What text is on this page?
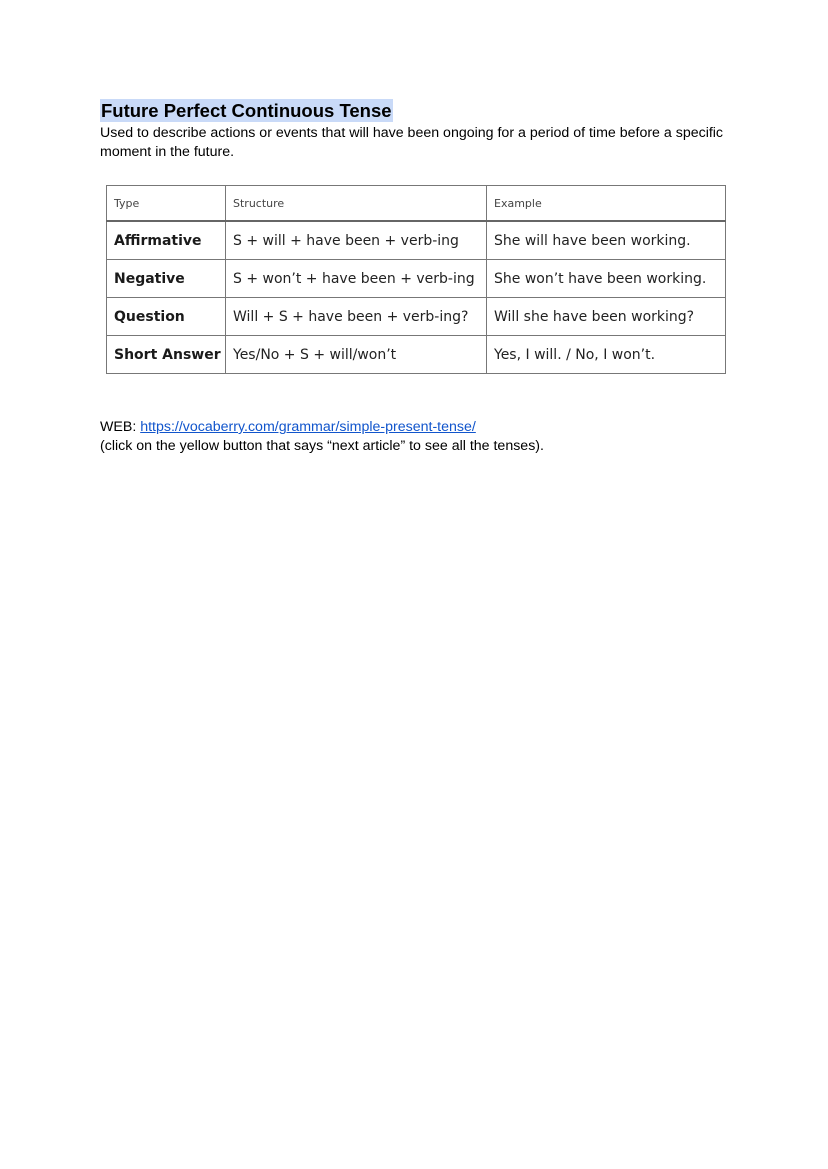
Future Perfect Continuous Tense
Used to describe actions or events that will have been ongoing for a period of time before a specific moment in the future.
Type	Structure	Example
Affirmative	S + will + have been + verb-ing	She will have been working.
Negative	S + won’t + have been + verb-ing	She won’t have been working.
Question	Will + S + have been + verb-ing?	Will she have been working?
Short Answer	Yes/No + S + will/won’t	Yes, I will. / No, I won’t.
WEB: https://vocaberry.com/grammar/simple-present-tense/
(click on the yellow button that says “next article” to see all the tenses).
